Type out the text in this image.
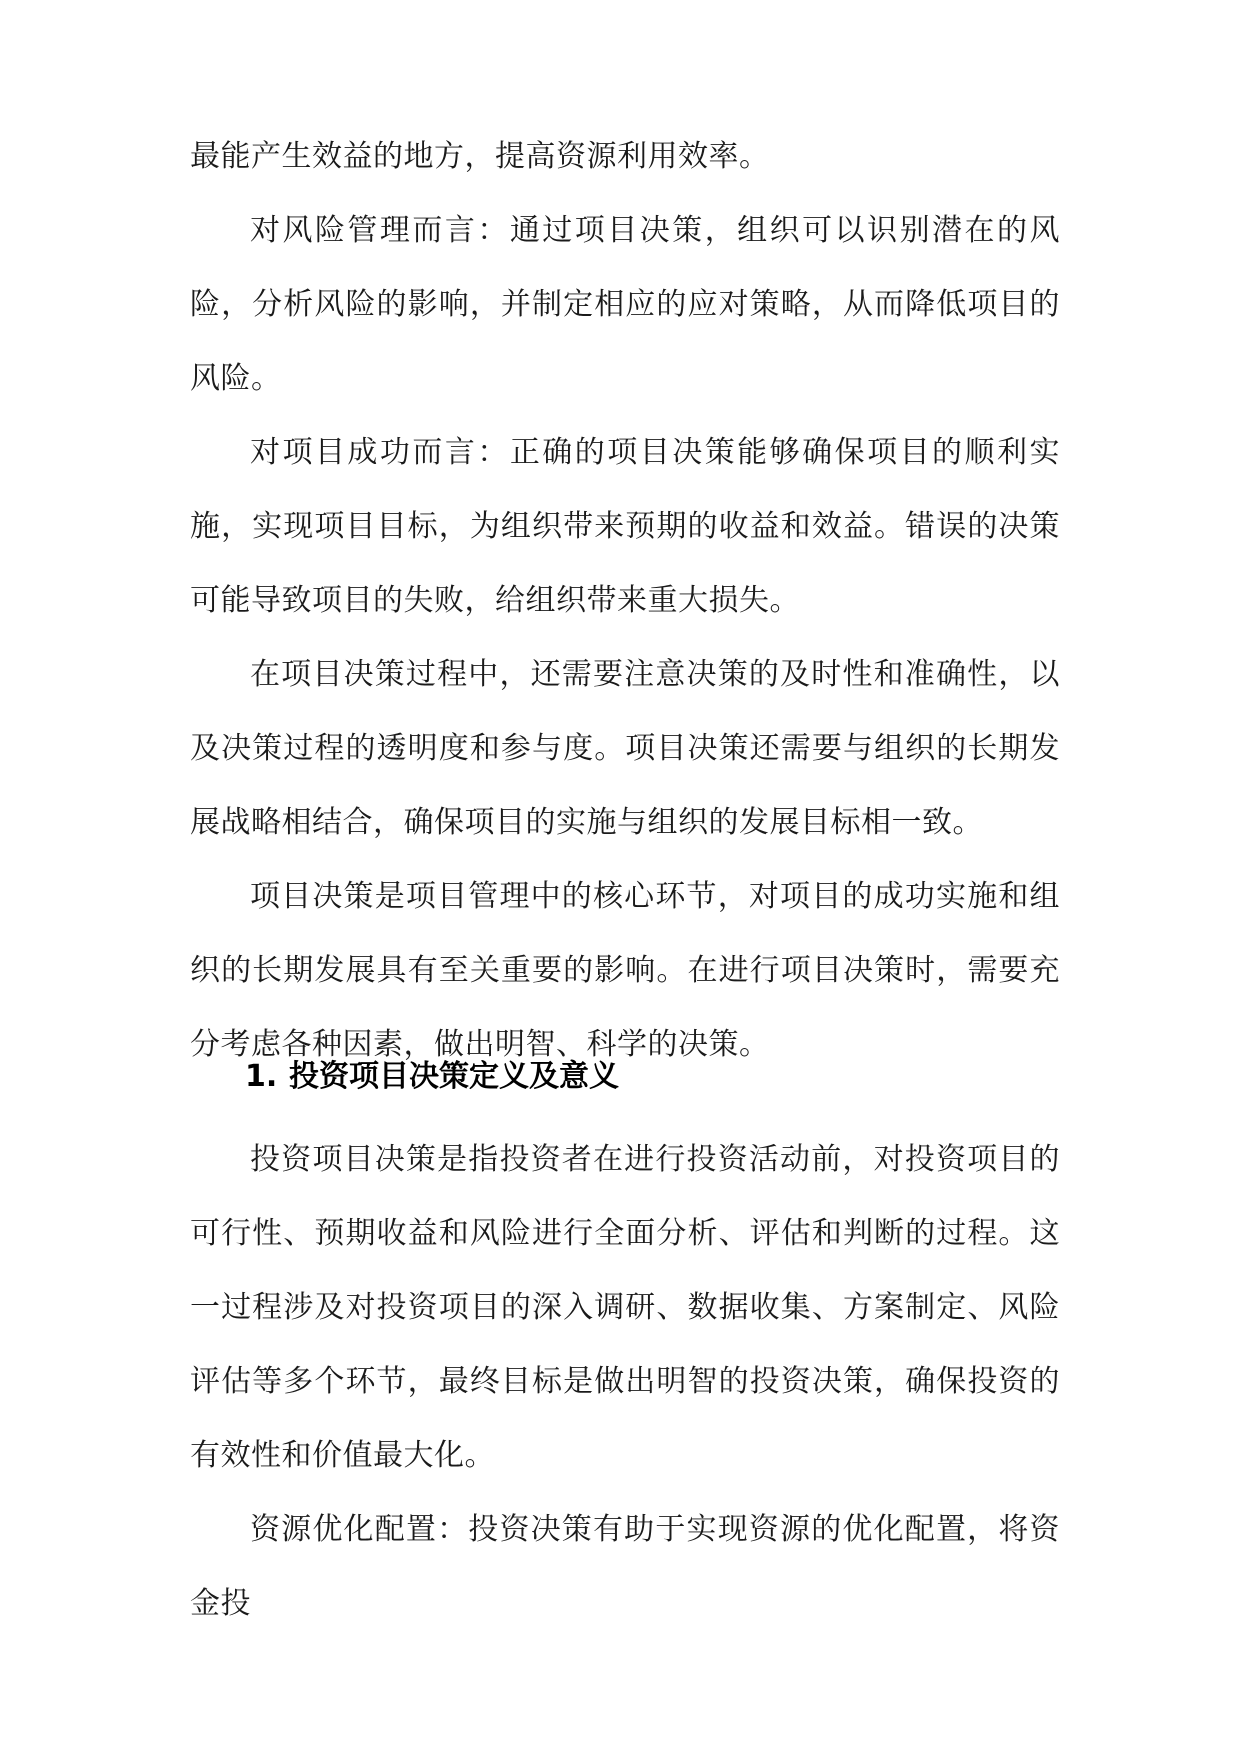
最能产生效益的地方，提高资源利用效率。

对风险管理而言：通过项目决策，组织可以识别潜在的风险，分析风险的影响，并制定相应的应对策略，从而降低项目的风险。

对项目成功而言：正确的项目决策能够确保项目的顺利实施，实现项目目标，为组织带来预期的收益和效益。错误的决策可能导致项目的失败，给组织带来重大损失。

在项目决策过程中，还需要注意决策的及时性和准确性，以及决策过程的透明度和参与度。项目决策还需要与组织的长期发展战略相结合，确保项目的实施与组织的发展目标相一致。

项目决策是项目管理中的核心环节，对项目的成功实施和组织的长期发展具有至关重要的影响。在进行项目决策时，需要充分考虑各种因素，做出明智、科学的决策。

1. 投资项目决策定义及意义

投资项目决策是指投资者在进行投资活动前，对投资项目的可行性、预期收益和风险进行全面分析、评估和判断的过程。这一过程涉及对投资项目的深入调研、数据收集、方案制定、风险评估等多个环节，最终目标是做出明智的投资决策，确保投资的有效性和价值最大化。

资源优化配置：投资决策有助于实现资源的优化配置，将资金投
